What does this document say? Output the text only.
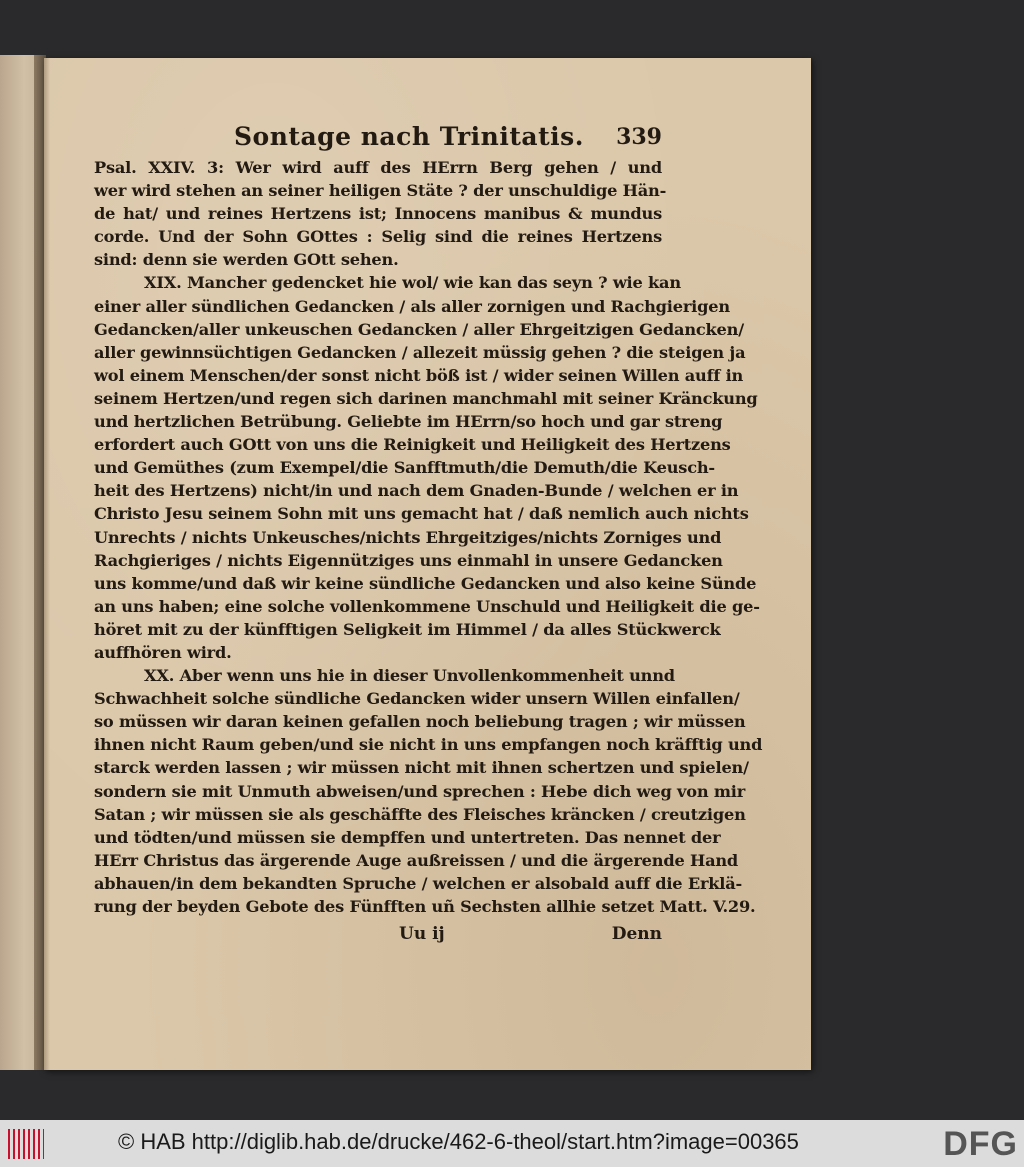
Sontage nach Trinitatis. 339
Psal. XXIV. 3: Wer wird auff des HErrn Berg gehen / und
wer wird stehen an seiner heiligen Stäte ? der unschuldige Hän-
de hat/ und reines Hertzens ist; Innocens manibus & mundus
corde. Und der Sohn GOttes : Selig sind die reines Hertzens
sind: denn sie werden GOtt sehen.
XIX. Mancher gedencket hie wol/ wie kan das seyn ? wie kan
einer aller sündlichen Gedancken / als aller zornigen und Rachgierigen
Gedancken/aller unkeuschen Gedancken / aller Ehrgeitzigen Gedancken/
aller gewinnsüchtigen Gedancken / allezeit müssig gehen ? die steigen ja
wol einem Menschen/der sonst nicht böß ist / wider seinen Willen auff in
seinem Hertzen/und regen sich darinen manchmahl mit seiner Kränckung
und hertzlichen Betrübung. Geliebte im HErrn/so hoch und gar streng
erfordert auch GOtt von uns die Reinigkeit und Heiligkeit des Hertzens
und Gemüthes (zum Exempel/die Sanfftmuth/die Demuth/die Keusch-
heit des Hertzens) nicht/in und nach dem Gnaden-Bunde / welchen er in
Christo Jesu seinem Sohn mit uns gemacht hat / daß nemlich auch nichts
Unrechts / nichts Unkeusches/nichts Ehrgeitziges/nichts Zorniges und
Rachgieriges / nichts Eigennütziges uns einmahl in unsere Gedancken
uns komme/und daß wir keine sündliche Gedancken und also keine Sünde
an uns haben; eine solche vollenkommene Unschuld und Heiligkeit die ge-
höret mit zu der künfftigen Seligkeit im Himmel / da alles Stückwerck
auffhören wird.
XX. Aber wenn uns hie in dieser Unvollenkommenheit unnd
Schwachheit solche sündliche Gedancken wider unsern Willen einfallen/
so müssen wir daran keinen gefallen noch beliebung tragen ; wir müssen
ihnen nicht Raum geben/und sie nicht in uns empfangen noch kräfftig und
starck werden lassen ; wir müssen nicht mit ihnen schertzen und spielen/
sondern sie mit Unmuth abweisen/und sprechen : Hebe dich weg von mir
Satan ; wir müssen sie als geschäffte des Fleisches kräncken / creutzigen
und tödten/und müssen sie dempffen und untertreten. Das nennet der
HErr Christus das ärgerende Auge außreissen / und die ärgerende Hand
abhauen/in dem bekandten Spruche / welchen er alsobald auff die Erklä-
rung der beyden Gebote des Fünfften uñ Sechsten allhie setzet Matt. V.29.
Uu ij	Denn
© HAB http://diglib.hab.de/drucke/462-6-theol/start.htm?image=00365	DFG
